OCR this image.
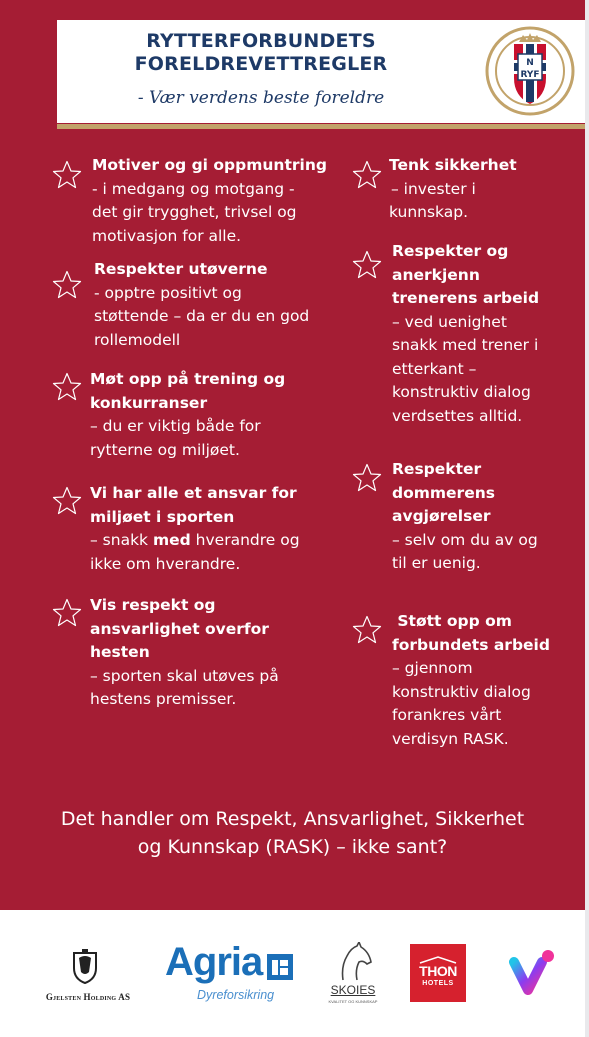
RYTTERFORBUNDETS
FORELDREVETTREGLER
- Vær verdens beste foreldre
N
RYF
Motiver og gi oppmuntring
- i medgang og motgang -
det gir trygghet, trivsel og
motivasjon for alle.
Respekter utøverne
- opptre positivt og
støttende – da er du en god
rollemodell
Møt opp på trening og
konkurranser
– du er viktig både for
rytterne og miljøet.
Vi har alle et ansvar for
miljøet i sporten
– snakk med hverandre og
ikke om hverandre.
Vis respekt og
ansvarlighet overfor
hesten
– sporten skal utøves på
hestens premisser.
Tenk sikkerhet
– invester i
kunnskap.
Respekter og
anerkjenn
trenerens arbeid
– ved uenighet
snakk med trener i
etterkant –
konstruktiv dialog
verdsettes alltid.
Respekter
dommerens
avgjørelser
– selv om du av og
til er uenig.
Støtt opp om
forbundets arbeid
– gjennom
konstruktiv dialog
forankres vårt
verdisyn RASK.
Det handler om Respekt, Ansvarlighet, Sikkerhet
og Kunnskap (RASK) – ikke sant?
Gjelsten Holding AS
Agria
Dyreforsikring	SKOIES
KVALITET OG KUNNSKAP
THON
HOTELS
